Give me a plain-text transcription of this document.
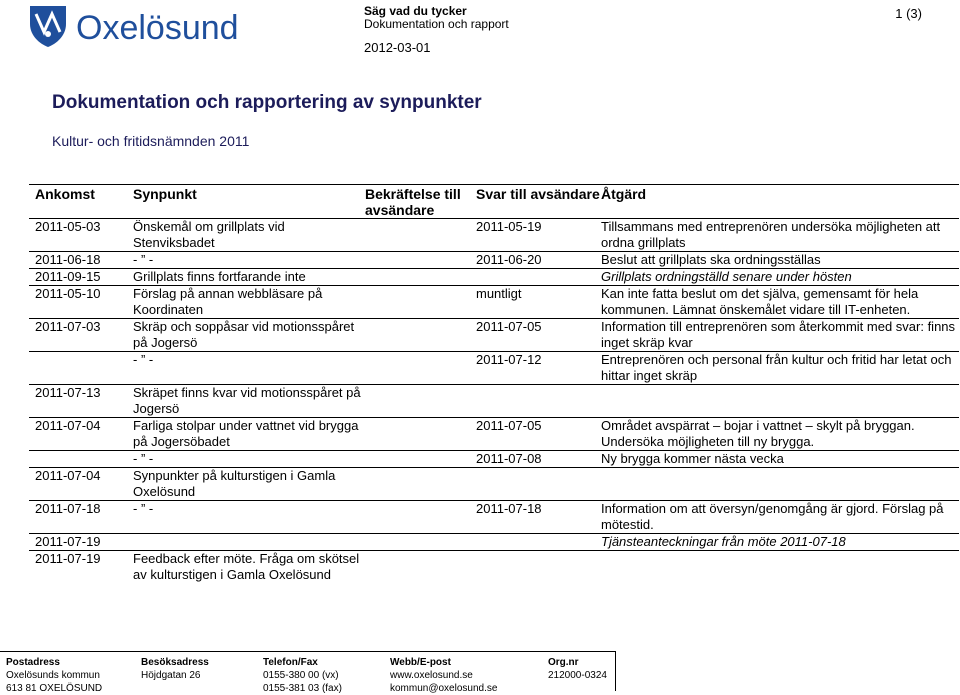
Oxelösund	Säg vad du tycker
Dokumentation och rapport
2012-03-01
1 (3)
Dokumentation och rapportering av synpunkter
Kultur- och fritidsnämnden 2011
Ankomst	Synpunkt	Bekräftelse till avsändare	Svar till avsändare	Åtgärd
2011-05-03	Önskemål om grillplats vid Stenviksbadet		2011-05-19	Tillsammans med entreprenören undersöka möjligheten att ordna grillplats
2011-06-18	- ” -		2011-06-20	Beslut att grillplats ska ordningsställas
2011-09-15	Grillplats finns fortfarande inte			Grillplats ordningställd senare under hösten
2011-05-10	Förslag på annan webbläsare på Koordinaten		muntligt	Kan inte fatta beslut om det själva, gemensamt för hela kommunen. Lämnat önskemålet vidare till IT-enheten.
2011-07-03	Skräp och soppåsar vid motionsspåret på Jogersö		2011-07-05	Information till entreprenören som återkommit med svar: finns inget skräp kvar
	- ” -		2011-07-12	Entreprenören och personal från kultur och fritid har letat och hittar inget skräp
2011-07-13	Skräpet finns kvar vid motionsspåret på Jogersö			
2011-07-04	Farliga stolpar under vattnet vid brygga på Jogersöbadet		2011-07-05	Området avspärrat – bojar i vattnet – skylt på bryggan. Undersöka möjligheten till ny brygga.
	- ” -		2011-07-08	Ny brygga kommer nästa vecka
2011-07-04	Synpunkter på kulturstigen i Gamla Oxelösund			
2011-07-18	- ” -		2011-07-18	Information om att översyn/genomgång är gjord. Förslag på mötestid.
2011-07-19				Tjänsteanteckningar från möte 2011-07-18
2011-07-19	Feedback efter möte. Fråga om skötsel av kulturstigen i Gamla Oxelösund			
Postadress
Oxelösunds kommun
613 81 OXELÖSUND
Besöksadress
Höjdgatan 26
Telefon/Fax
0155-380 00 (vx)
0155-381 03 (fax)
Webb/E-post
www.oxelosund.se
kommun@oxelosund.se
Org.nr
212000-0324
